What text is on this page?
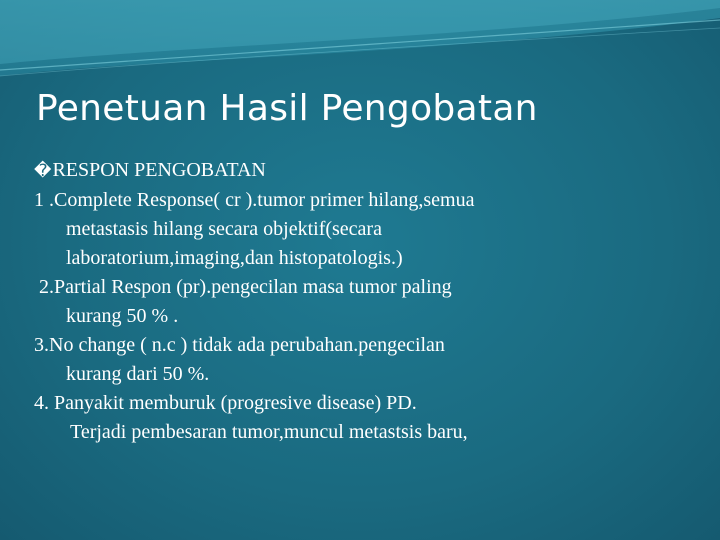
Penetuan Hasil Pengobatan
�RESPON PENGOBATAN
1 .Complete Response( cr ).tumor primer hilang,semua
metastasis hilang secara objektif(secara
laboratorium,imaging,dan histopatologis.)
2.Partial Respon (pr).pengecilan masa tumor paling
kurang 50 % .
3.No change ( n.c ) tidak ada perubahan.pengecilan
kurang dari 50 %.
4. Panyakit memburuk (progresive disease) PD.
Terjadi pembesaran tumor,muncul metastsis baru,
